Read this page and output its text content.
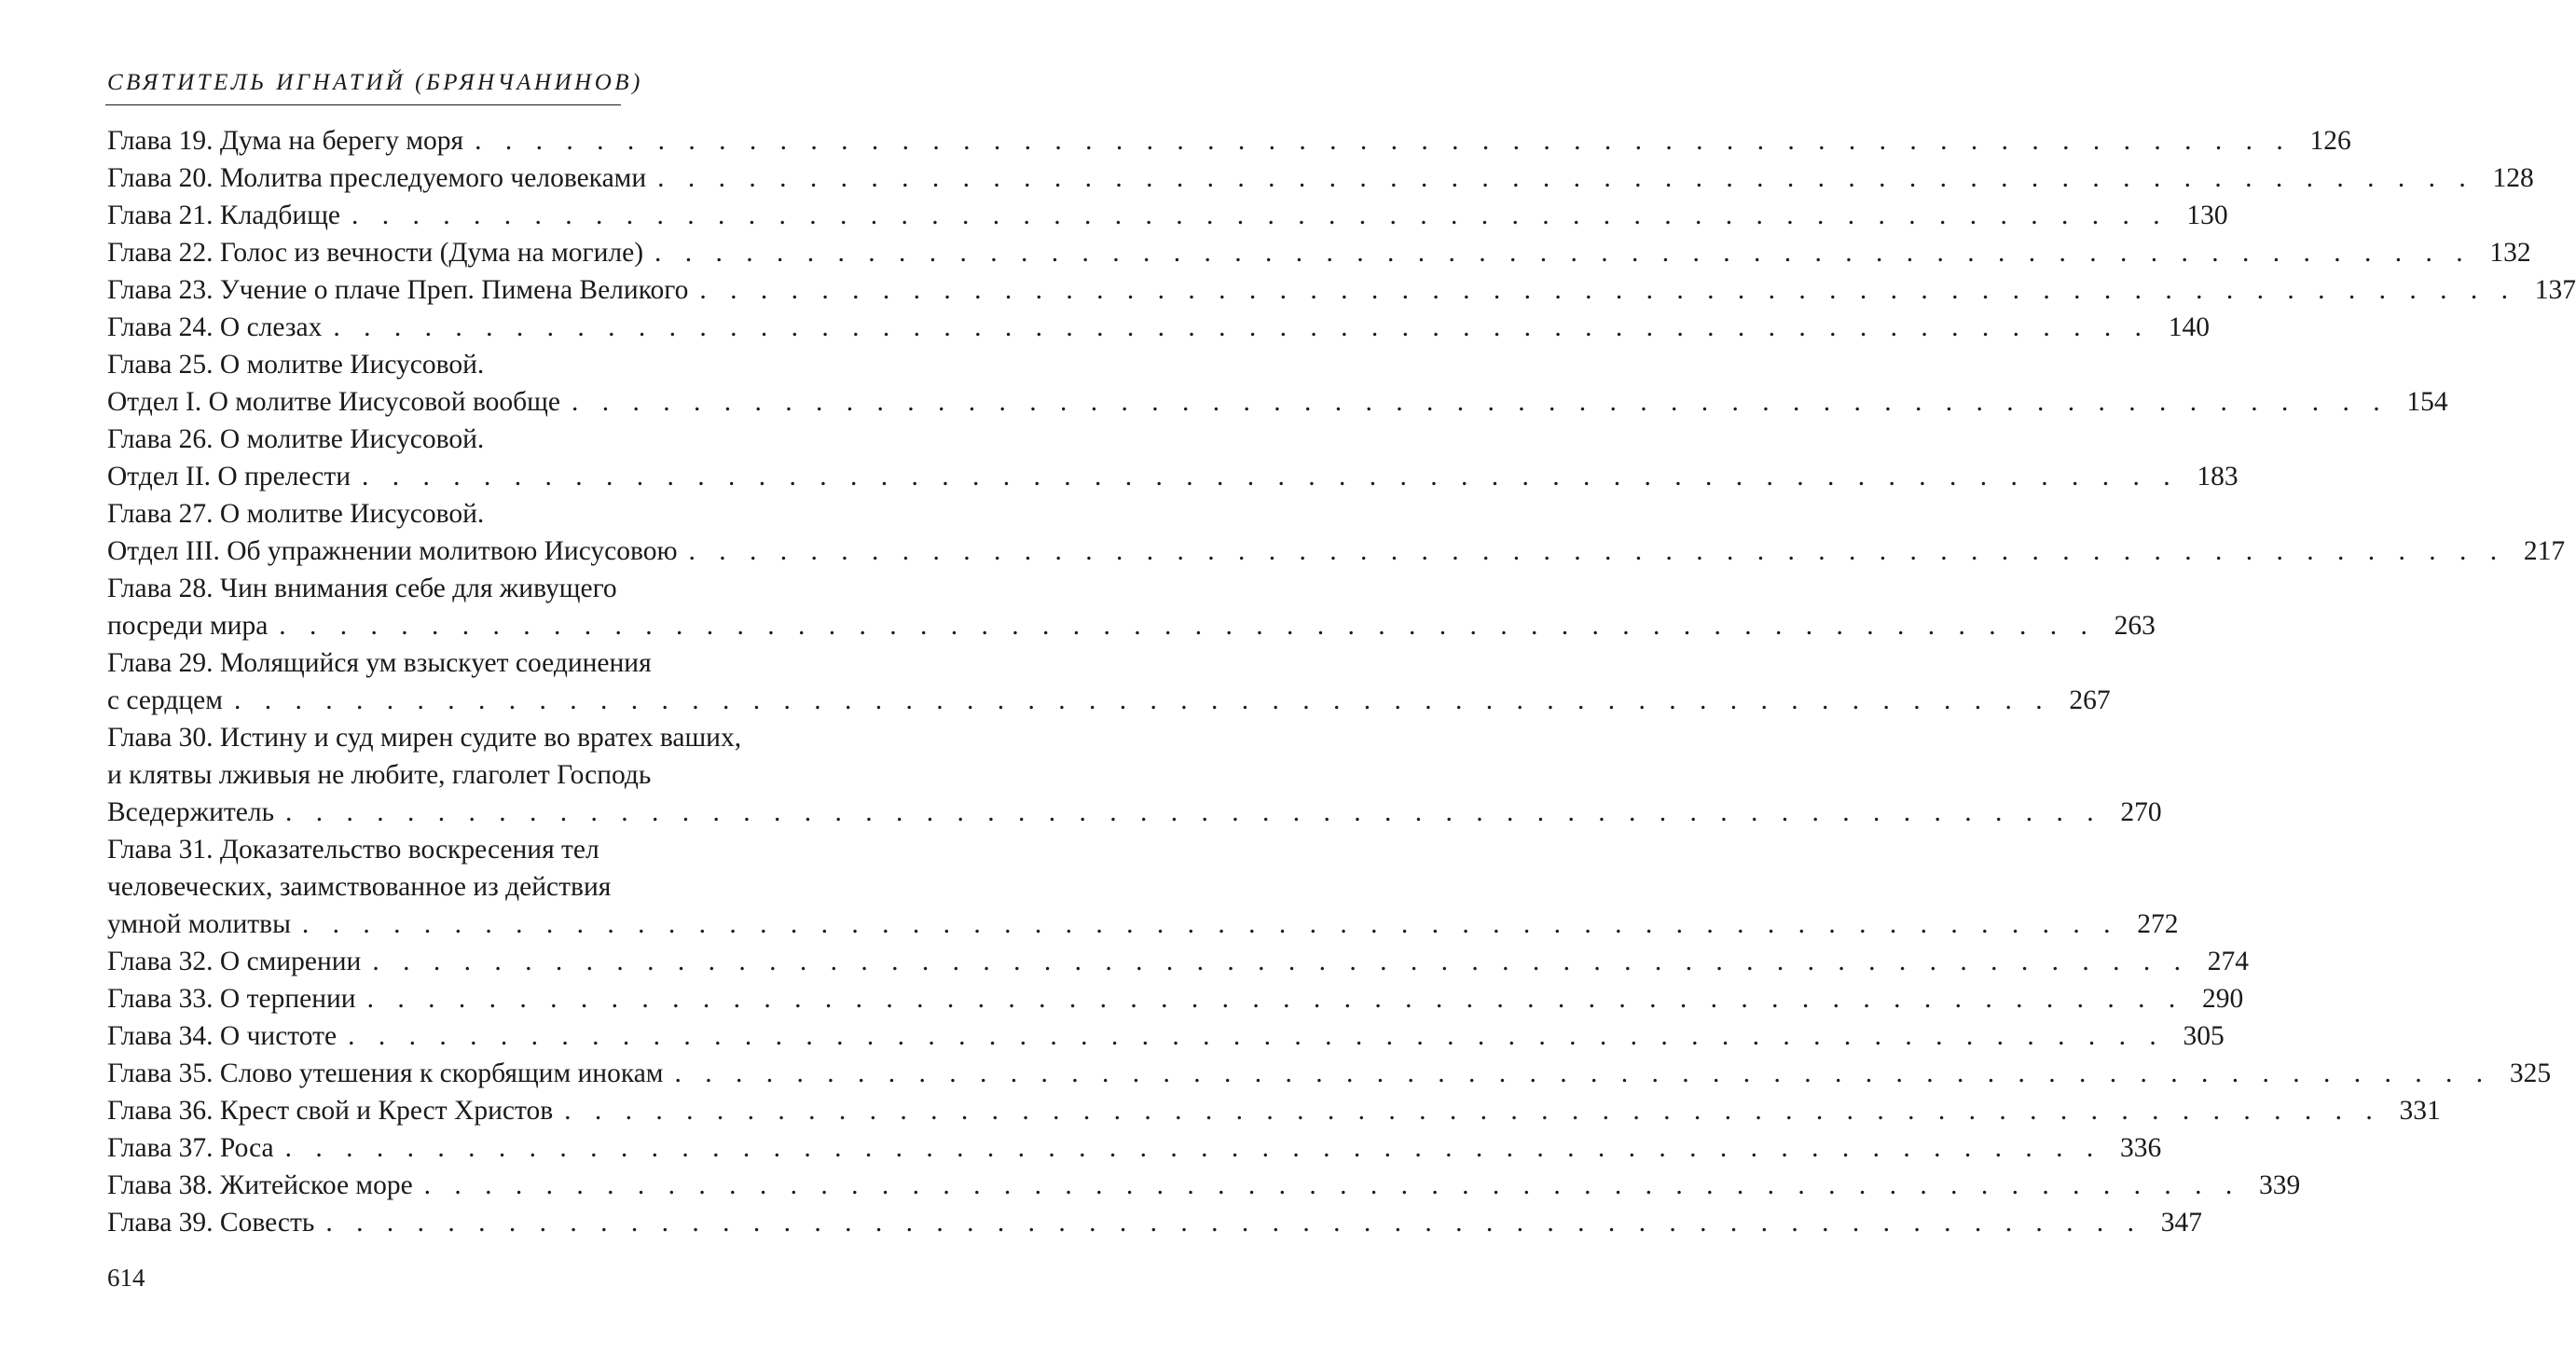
СВЯТИТЕЛЬ ИГНАТИЙ (БРЯНЧАНИНОВ)
Глава 19. Дума на берегу моря . . . . . . . . . . . . . . . . . . . . . . . . . . . . . . . . . . . . . . . . . . . . . . . . . . . . . . . . . . . . 126
Глава 20. Молитва преследуемого человеками . . . . . . . . . . . . . . . . . . . . . . . . . . . . . . . . . . . . . . . . . . . . . . . . . . . . . . . . . . . . 128
Глава 21. Кладбище . . . . . . . . . . . . . . . . . . . . . . . . . . . . . . . . . . . . . . . . . . . . . . . . . . . . . . . . . . . . 130
Глава 22. Голос из вечности (Дума на могиле) . . . . . . . . . . . . . . . . . . . . . . . . . . . . . . . . . . . . . . . . . . . . . . . . . . . . . . . . . . . . 132
Глава 23. Учение о плаче Преп. Пимена Великого . . . . . . . . . . . . . . . . . . . . . . . . . . . . . . . . . . . . . . . . . . . . . . . . . . . . . . . . . . . . 137
Глава 24. О слезах . . . . . . . . . . . . . . . . . . . . . . . . . . . . . . . . . . . . . . . . . . . . . . . . . . . . . . . . . . . . 140
Глава 25. О молитве Иисусовой.
Отдел I. О молитве Иисусовой вообще . . . . . . . . . . . . . . . . . . . . . . . . . . . . . . . . . . . . . . . . . . . . . . . . . . . . . . . . . . . . 154
Глава 26. О молитве Иисусовой.
Отдел II. О прелести . . . . . . . . . . . . . . . . . . . . . . . . . . . . . . . . . . . . . . . . . . . . . . . . . . . . . . . . . . . . 183
Глава 27. О молитве Иисусовой.
Отдел III. Об упражнении молитвою Иисусовою . . . . . . . . . . . . . . . . . . . . . . . . . . . . . . . . . . . . . . . . . . . . . . . . . . . . . . . . . . . . 217
Глава 28. Чин внимания себе для живущего
посреди мира . . . . . . . . . . . . . . . . . . . . . . . . . . . . . . . . . . . . . . . . . . . . . . . . . . . . . . . . . . . . 263
Глава 29. Молящийся ум взыскует соединения
с сердцем . . . . . . . . . . . . . . . . . . . . . . . . . . . . . . . . . . . . . . . . . . . . . . . . . . . . . . . . . . . . 267
Глава 30. Истину и суд мирен судите во вратех ваших,
и клятвы лживыя не любите, глаголет Господь
Вседержитель . . . . . . . . . . . . . . . . . . . . . . . . . . . . . . . . . . . . . . . . . . . . . . . . . . . . . . . . . . . . 270
Глава 31. Доказательство воскресения тел
человеческих, заимствованное из действия
умной молитвы . . . . . . . . . . . . . . . . . . . . . . . . . . . . . . . . . . . . . . . . . . . . . . . . . . . . . . . . . . . . 272
Глава 32. О смирении . . . . . . . . . . . . . . . . . . . . . . . . . . . . . . . . . . . . . . . . . . . . . . . . . . . . . . . . . . . . 274
Глава 33. О терпении . . . . . . . . . . . . . . . . . . . . . . . . . . . . . . . . . . . . . . . . . . . . . . . . . . . . . . . . . . . . 290
Глава 34. О чистоте . . . . . . . . . . . . . . . . . . . . . . . . . . . . . . . . . . . . . . . . . . . . . . . . . . . . . . . . . . . . 305
Глава 35. Слово утешения к скорбящим инокам . . . . . . . . . . . . . . . . . . . . . . . . . . . . . . . . . . . . . . . . . . . . . . . . . . . . . . . . . . . . 325
Глава 36. Крест свой и Крест Христов . . . . . . . . . . . . . . . . . . . . . . . . . . . . . . . . . . . . . . . . . . . . . . . . . . . . . . . . . . . . 331
Глава 37. Роса . . . . . . . . . . . . . . . . . . . . . . . . . . . . . . . . . . . . . . . . . . . . . . . . . . . . . . . . . . . . 336
Глава 38. Житейское море . . . . . . . . . . . . . . . . . . . . . . . . . . . . . . . . . . . . . . . . . . . . . . . . . . . . . . . . . . . . 339
Глава 39. Совесть . . . . . . . . . . . . . . . . . . . . . . . . . . . . . . . . . . . . . . . . . . . . . . . . . . . . . . . . . . . . 347
614
